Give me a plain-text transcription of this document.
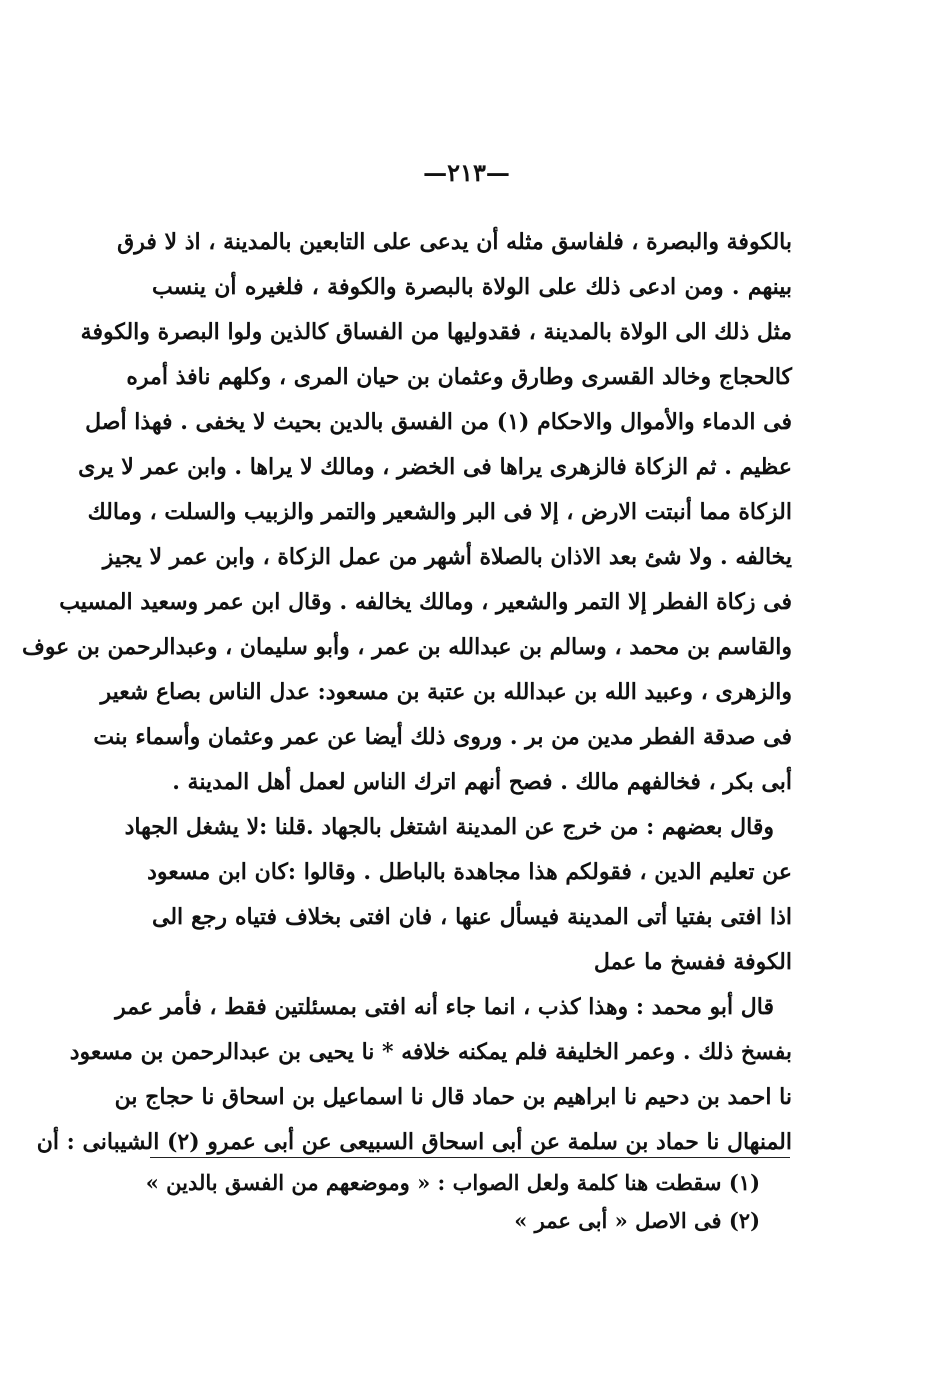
—٢١٣—
بالكوفة والبصرة ، فلفاسق مثله أن يدعى على التابعين بالمدينة ، اذ لا فرق
بينهم . ومن ادعى ذلك على الولاة بالبصرة والكوفة ، فلغيره أن ينسب
مثل ذلك الى الولاة بالمدينة ، فقدوليها من الفساق كالذين ولوا البصرة والكوفة
كالحجاج وخالد القسرى وطارق وعثمان بن حيان المرى ، وكلهم نافذ أمره
فى الدماء والأموال والاحكام (١) من الفسق بالدين بحيث لا يخفى . فهذا أصل
عظيم . ثم الزكاة فالزهرى يراها فى الخضر ، ومالك لا يراها . وابن عمر لا يرى
الزكاة مما أنبتت الارض ، إلا فى البر والشعير والتمر والزبيب والسلت ، ومالك
يخالفه . ولا شئ بعد الاذان بالصلاة أشهر من عمل الزكاة ، وابن عمر لا يجيز
فى زكاة الفطر إلا التمر والشعير ، ومالك يخالفه . وقال ابن عمر وسعيد المسيب
والقاسم بن محمد ، وسالم بن عبدالله بن عمر ، وأبو سليمان ، وعبدالرحمن بن عوف
والزهرى ، وعبيد الله بن عبدالله بن عتبة بن مسعود: عدل الناس بصاع شعير
فى صدقة الفطر مدين من بر . وروى ذلك أيضا عن عمر وعثمان وأسماء بنت
أبى بكر ، فخالفهم مالك . فصح أنهم اترك الناس لعمل أهل المدينة .
وقال بعضهم : من خرج عن المدينة اشتغل بالجهاد .قلنا :لا يشغل الجهاد
عن تعليم الدين ، فقولكم هذا مجاهدة بالباطل . وقالوا :كان ابن مسعود
اذا افتى بفتيا أتى المدينة فيسأل عنها ، فان افتى بخلاف فتياه رجع الى
الكوفة ففسخ ما عمل
قال أبو محمد : وهذا كذب ، انما جاء أنه افتى بمسئلتين فقط ، فأمر عمر
بفسخ ذلك . وعمر الخليفة فلم يمكنه خلافه * نا يحيى بن عبدالرحمن بن مسعود
نا احمد بن دحيم نا ابراهيم بن حماد قال نا اسماعيل بن اسحاق نا حجاج بن
المنهال نا حماد بن سلمة عن أبى اسحاق السبيعى عن أبى عمرو (٢) الشيبانى : أن
(١) سقطت هنا كلمة ولعل الصواب : « وموضعهم من الفسق بالدين »
(٢) فى الاصل « أبى عمر »
